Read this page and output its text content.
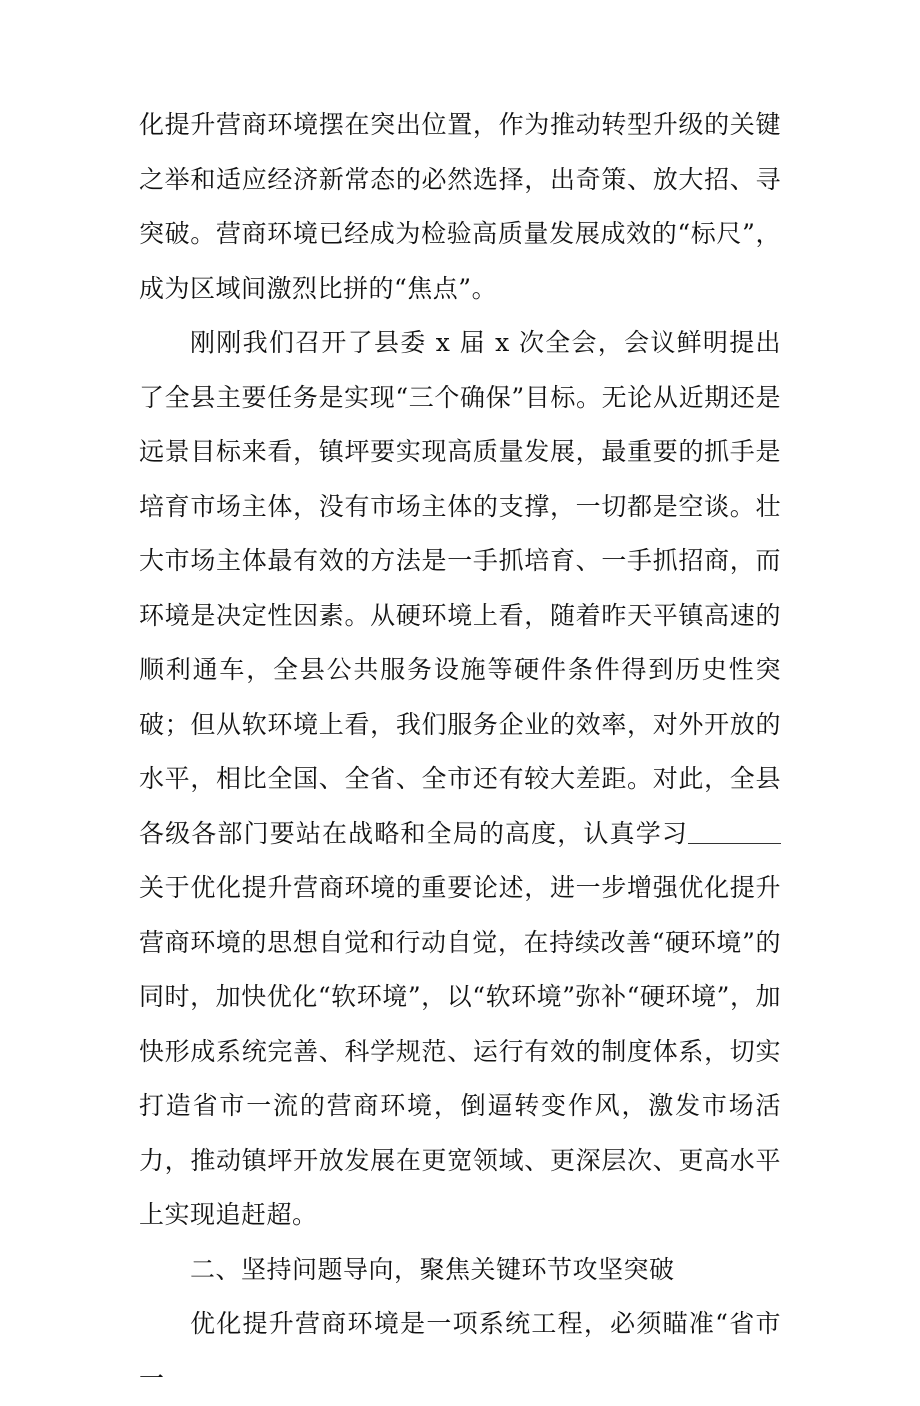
化提升营商环境摆在突出位置，作为推动转型升级的关键之举和适应经济新常态的必然选择，出奇策、放大招、寻突破。营商环境已经成为检验高质量发展成效的“标尺”，成为区域间激烈比拼的“焦点”。

刚刚我们召开了县委 x 届 x 次全会，会议鲜明提出了全县主要任务是实现“三个确保”目标。无论从近期还是远景目标来看，镇坪要实现高质量发展，最重要的抓手是培育市场主体，没有市场主体的支撑，一切都是空谈。壮大市场主体最有效的方法是一手抓培育、一手抓招商，而环境是决定性因素。从硬环境上看，随着昨天平镇高速的顺利通车，全县公共服务设施等硬件条件得到历史性突破；但从软环境上看，我们服务企业的效率，对外开放的水平，相比全国、全省、全市还有较大差距。对此，全县各级各部门要站在战略和全局的高度，认真学习关于优化提升营商环境的重要论述，进一步增强优化提升营商环境的思想自觉和行动自觉，在持续改善“硬环境”的同时，加快优化“软环境”，以“软环境”弥补“硬环境”，加快形成系统完善、科学规范、运行有效的制度体系，切实打造省市一流的营商环境，倒逼转变作风，激发市场活力，推动镇坪开放发展在更宽领域、更深层次、更高水平上实现追赶超。

二、坚持问题导向，聚焦关键环节攻坚突破

优化提升营商环境是一项系统工程，必须瞄准“省市一
